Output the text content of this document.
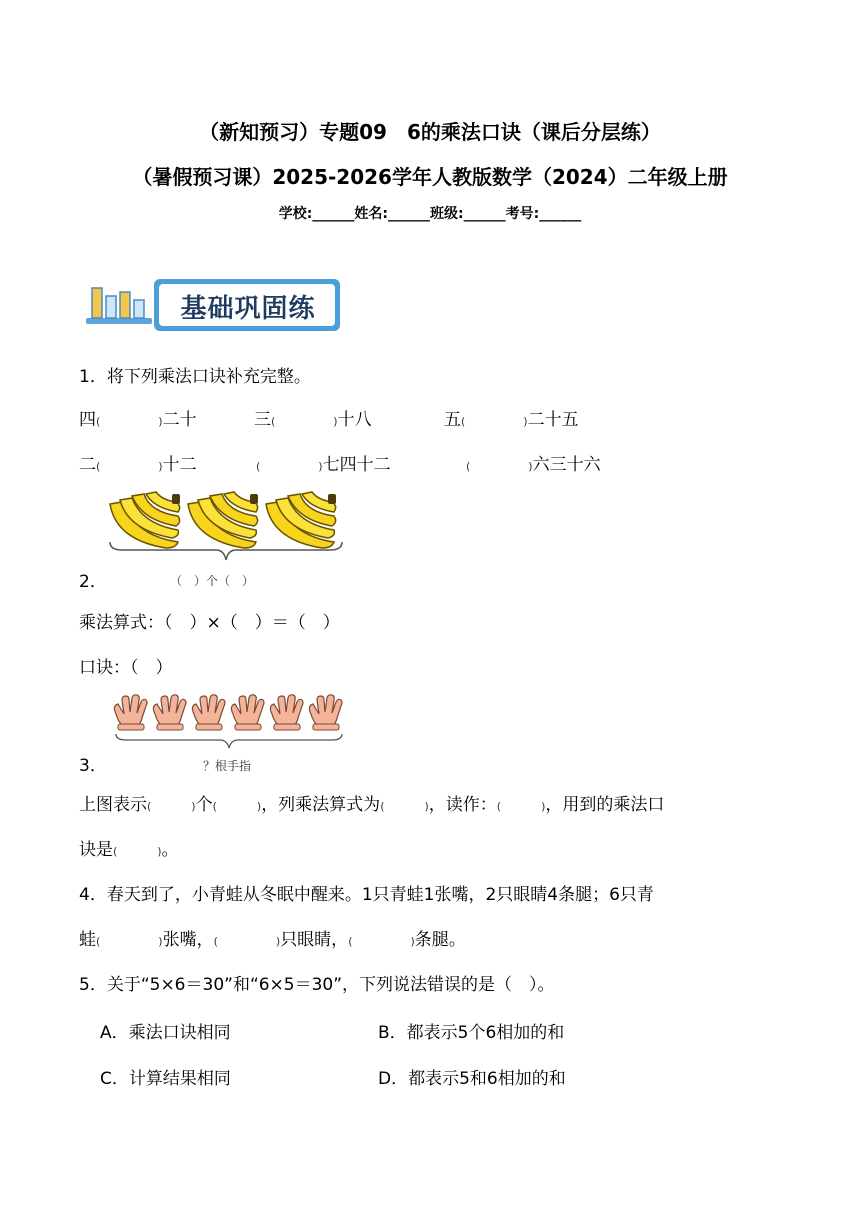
（新知预习）专题09　6的乘法口诀（课后分层练）
（暑假预习课）2025-2026学年人教版数学（2024）二年级上册
学校:______姓名:______班级:______考号:______
基础巩固练
1．将下列乘法口诀补充完整。
四(	)二十	三(	)十八	五(	)二十五
二(	)十二	(	)七四十二	(	)六三十六
2．	（　）个（　）
乘法算式：（　）×（　）＝（　）
口诀：（　）
3．	？根手指
上图表示(	)个(	)，列乘法算式为(	)，读作：(	)，用到的乘法口
诀是(	)。
4．春天到了，小青蛙从冬眠中醒来。1只青蛙1张嘴，2只眼睛4条腿；6只青
蛙(	)张嘴，(	)只眼睛，(	)条腿。
5．关于“5×6＝30”和“6×5＝30”，下列说法错误的是（　）。
A．乘法口诀相同	B．都表示5个6相加的和
C．计算结果相同	D．都表示5和6相加的和
